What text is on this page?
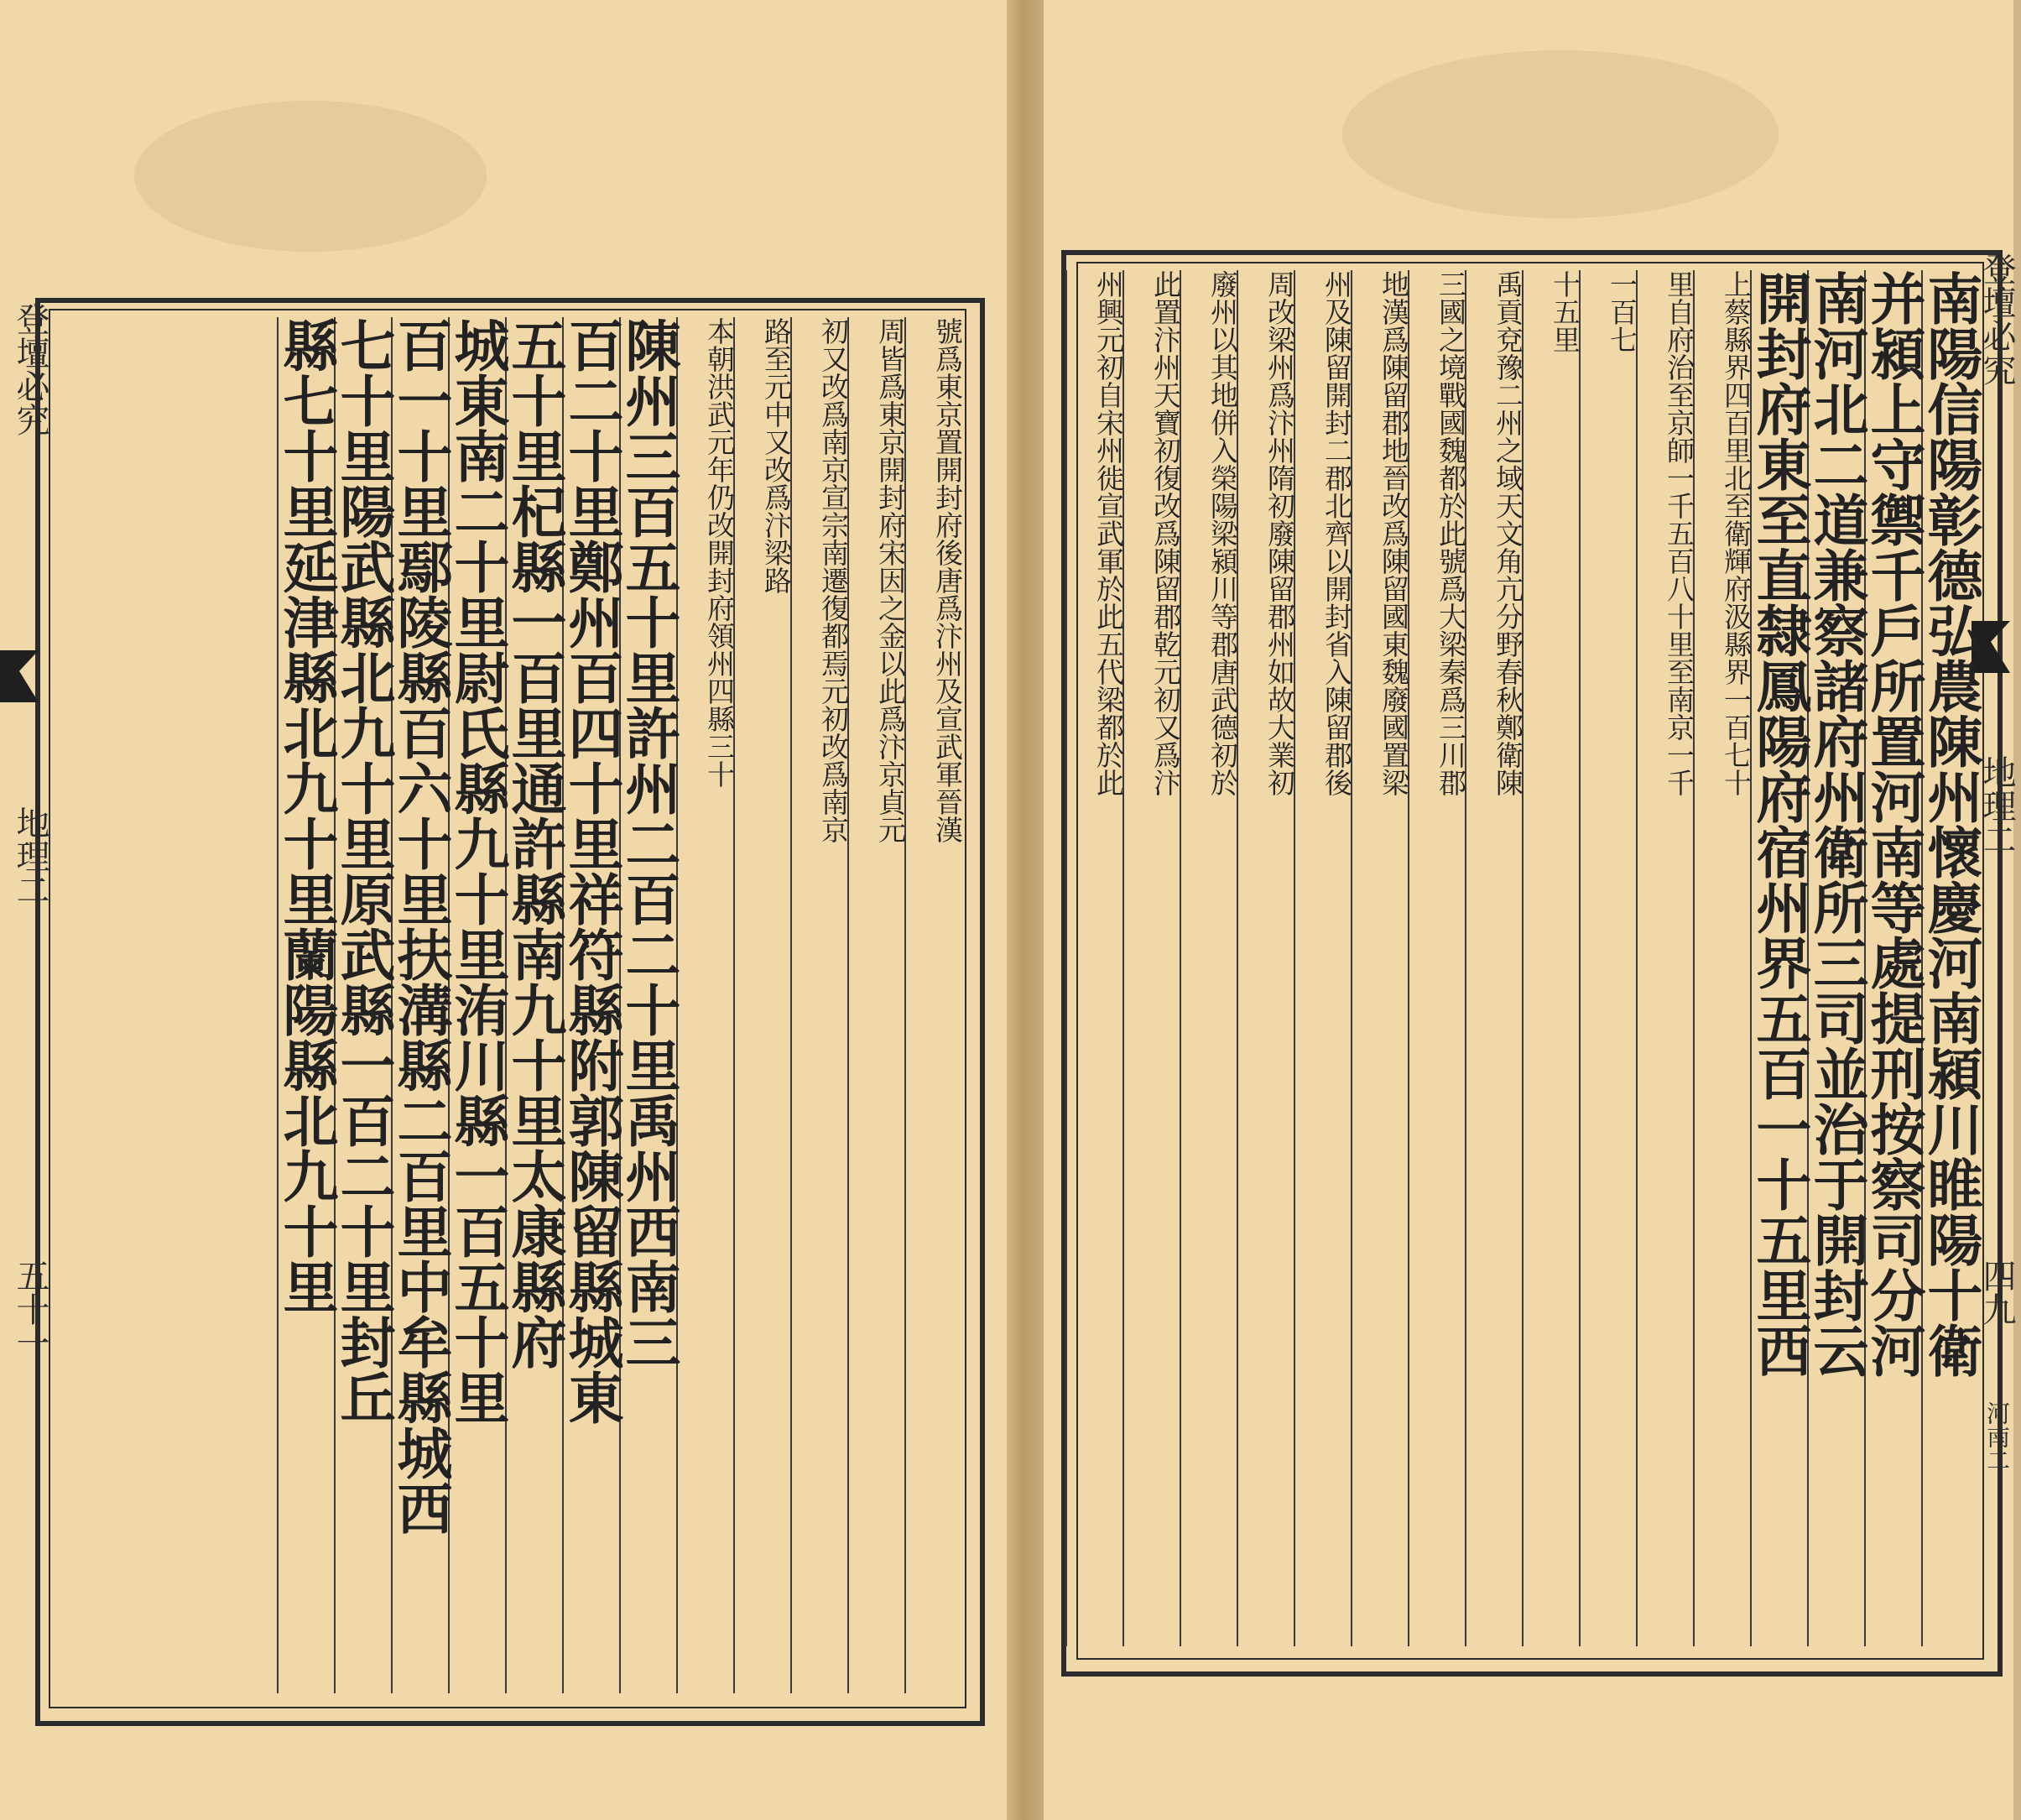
登壇必究
地理二
五十一
登壇必究
地理二
四九
河南二
號爲東京置開封府後唐爲汴州及宣武軍晉漢
周皆爲東京開封府宋因之金以此爲汴京貞元
初又改爲南京宣宗南遷復都焉元初改爲南京
路至元中又改爲汴梁路
本朝洪武元年仍改開封府領州四縣三十
陳州三百五十里許州二百二十里禹州西南三
百二十里鄭州百四十里祥符縣附郭陳留縣城東
五十里杞縣一百里通許縣南九十里太康縣府
城東南二十里尉氏縣九十里洧川縣一百五十里
百一十里鄢陵縣百六十里扶溝縣二百里中牟縣城西
七十里陽武縣北九十里原武縣一百二十里封丘
縣七十里延津縣北九十里蘭陽縣北九十里	南陽信陽彰德弘農陳州懷慶河南潁川睢陽十衛
并潁上守禦千戶所置河南等處提刑按察司分河
南河北二道兼察諸府州衛所三司並治于開封云
開封府東至直隸鳳陽府宿州界五百一十五里西
上蔡縣界四百里北至衛輝府汲縣界一百七十
里自府治至京師一千五百八十里至南京一千
一百七
十五里
禹貢兗豫二州之域天文角亢分野春秋鄭衛陳
三國之境戰國魏都於此號爲大梁秦爲三川郡
地漢爲陳留郡地晉改爲陳留國東魏廢國置梁
州及陳留開封二郡北齊以開封省入陳留郡後
周改梁州爲汴州隋初廢陳留郡州如故大業初
廢州以其地併入榮陽梁潁川等郡唐武德初於
此置汴州天寶初復改爲陳留郡乾元初又爲汴
州興元初自宋州徙宣武軍於此五代梁都於此
